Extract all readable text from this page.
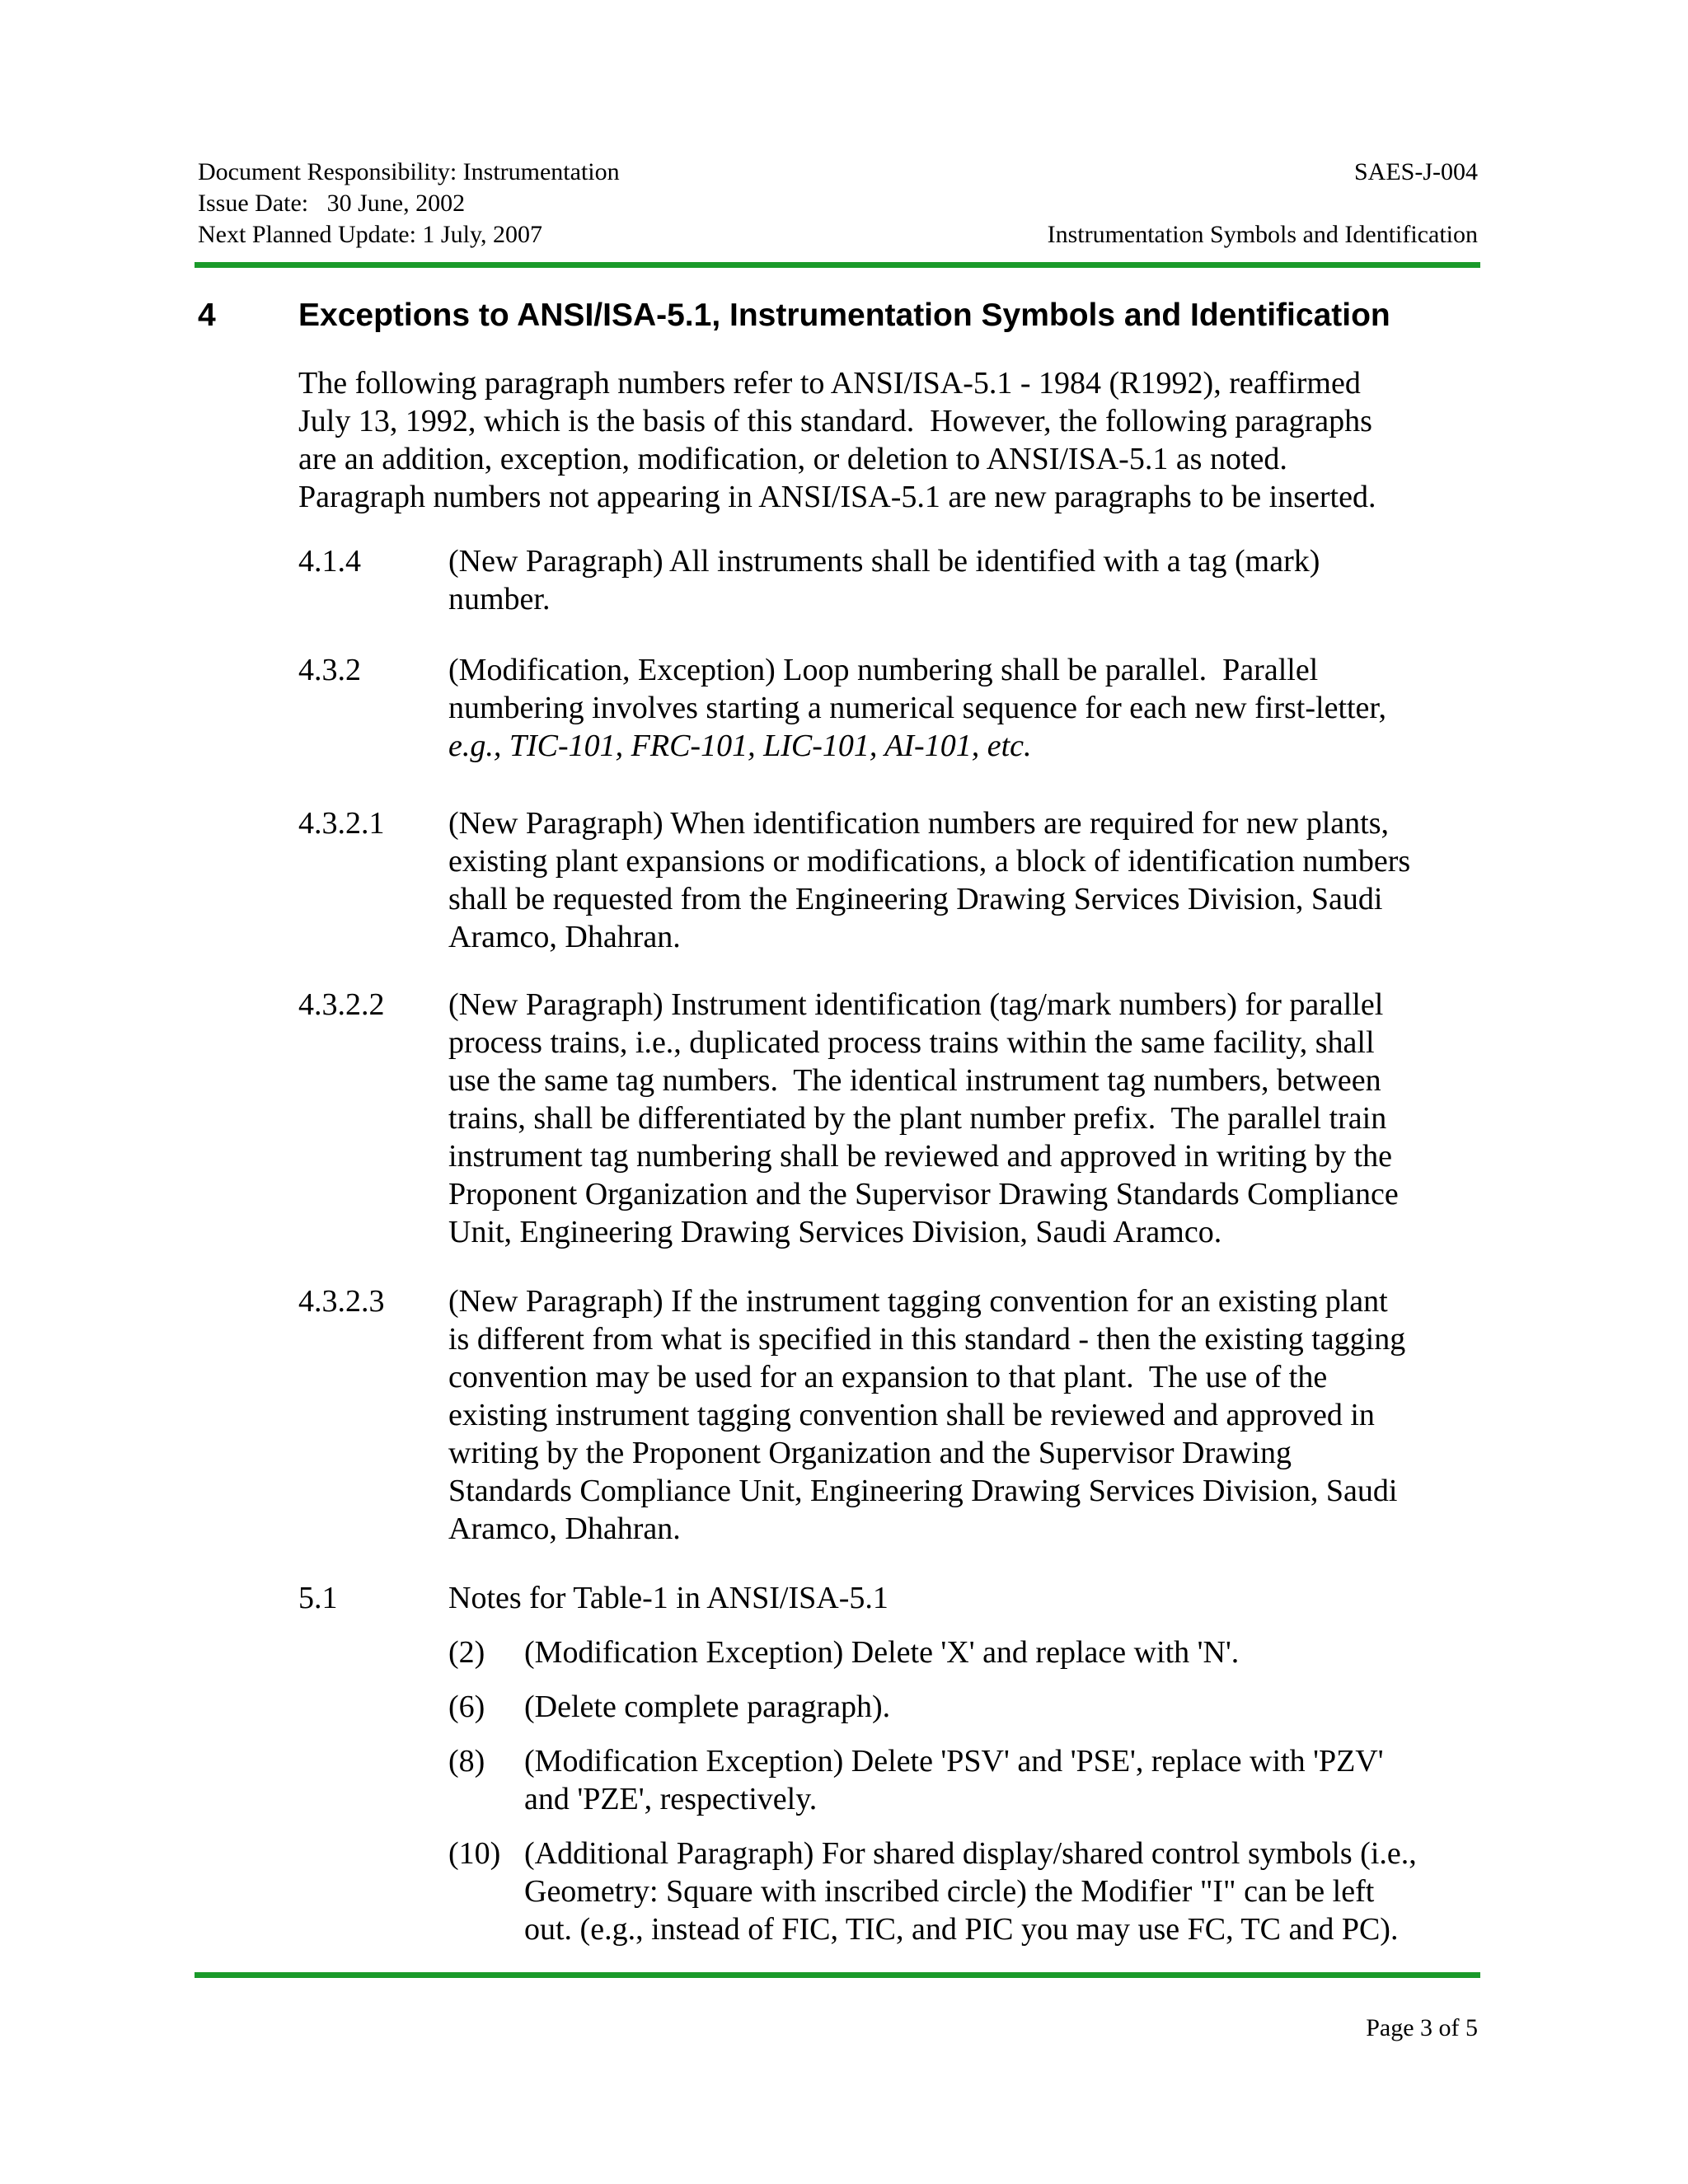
Document Responsibility: Instrumentation
Issue Date:   30 June, 2002
Next Planned Update: 1 July, 2007
SAES-J-004
Instrumentation Symbols and Identification
4	Exceptions to ANSI/ISA-5.1, Instrumentation Symbols and Identification
The following paragraph numbers refer to ANSI/ISA-5.1 - 1984 (R1992), reaffirmed
July 13, 1992, which is the basis of this standard.  However, the following paragraphs
are an addition, exception, modification, or deletion to ANSI/ISA-5.1 as noted.
Paragraph numbers not appearing in ANSI/ISA-5.1 are new paragraphs to be inserted.
4.1.4	(New Paragraph) All instruments shall be identified with a tag (mark)
number.
4.3.2	(Modification, Exception) Loop numbering shall be parallel.  Parallel
numbering involves starting a numerical sequence for each new first-letter,
e.g., TIC-101, FRC-101, LIC-101, AI-101, etc.
4.3.2.1 (New Paragraph) When identification numbers are required for new plants,
existing plant expansions or modifications, a block of identification numbers
shall be requested from the Engineering Drawing Services Division, Saudi
Aramco, Dhahran.
4.3.2.2 (New Paragraph) Instrument identification (tag/mark numbers) for parallel
process trains, i.e., duplicated process trains within the same facility, shall
use the same tag numbers.  The identical instrument tag numbers, between
trains, shall be differentiated by the plant number prefix.  The parallel train
instrument tag numbering shall be reviewed and approved in writing by the
Proponent Organization and the Supervisor Drawing Standards Compliance
Unit, Engineering Drawing Services Division, Saudi Aramco.
4.3.2.3 (New Paragraph) If the instrument tagging convention for an existing plant
is different from what is specified in this standard - then the existing tagging
convention may be used for an expansion to that plant.  The use of the
existing instrument tagging convention shall be reviewed and approved in
writing by the Proponent Organization and the Supervisor Drawing
Standards Compliance Unit, Engineering Drawing Services Division, Saudi
Aramco, Dhahran.
5.1	Notes for Table-1 in ANSI/ISA-5.1
(2) (Modification Exception) Delete 'X' and replace with 'N'.
(6) (Delete complete paragraph).
(8) (Modification Exception) Delete 'PSV' and 'PSE', replace with 'PZV'
and 'PZE', respectively.
(10) (Additional Paragraph) For shared display/shared control symbols (i.e.,
Geometry: Square with inscribed circle) the Modifier "I" can be left
out. (e.g., instead of FIC, TIC, and PIC you may use FC, TC and PC).
Page 3 of 5
